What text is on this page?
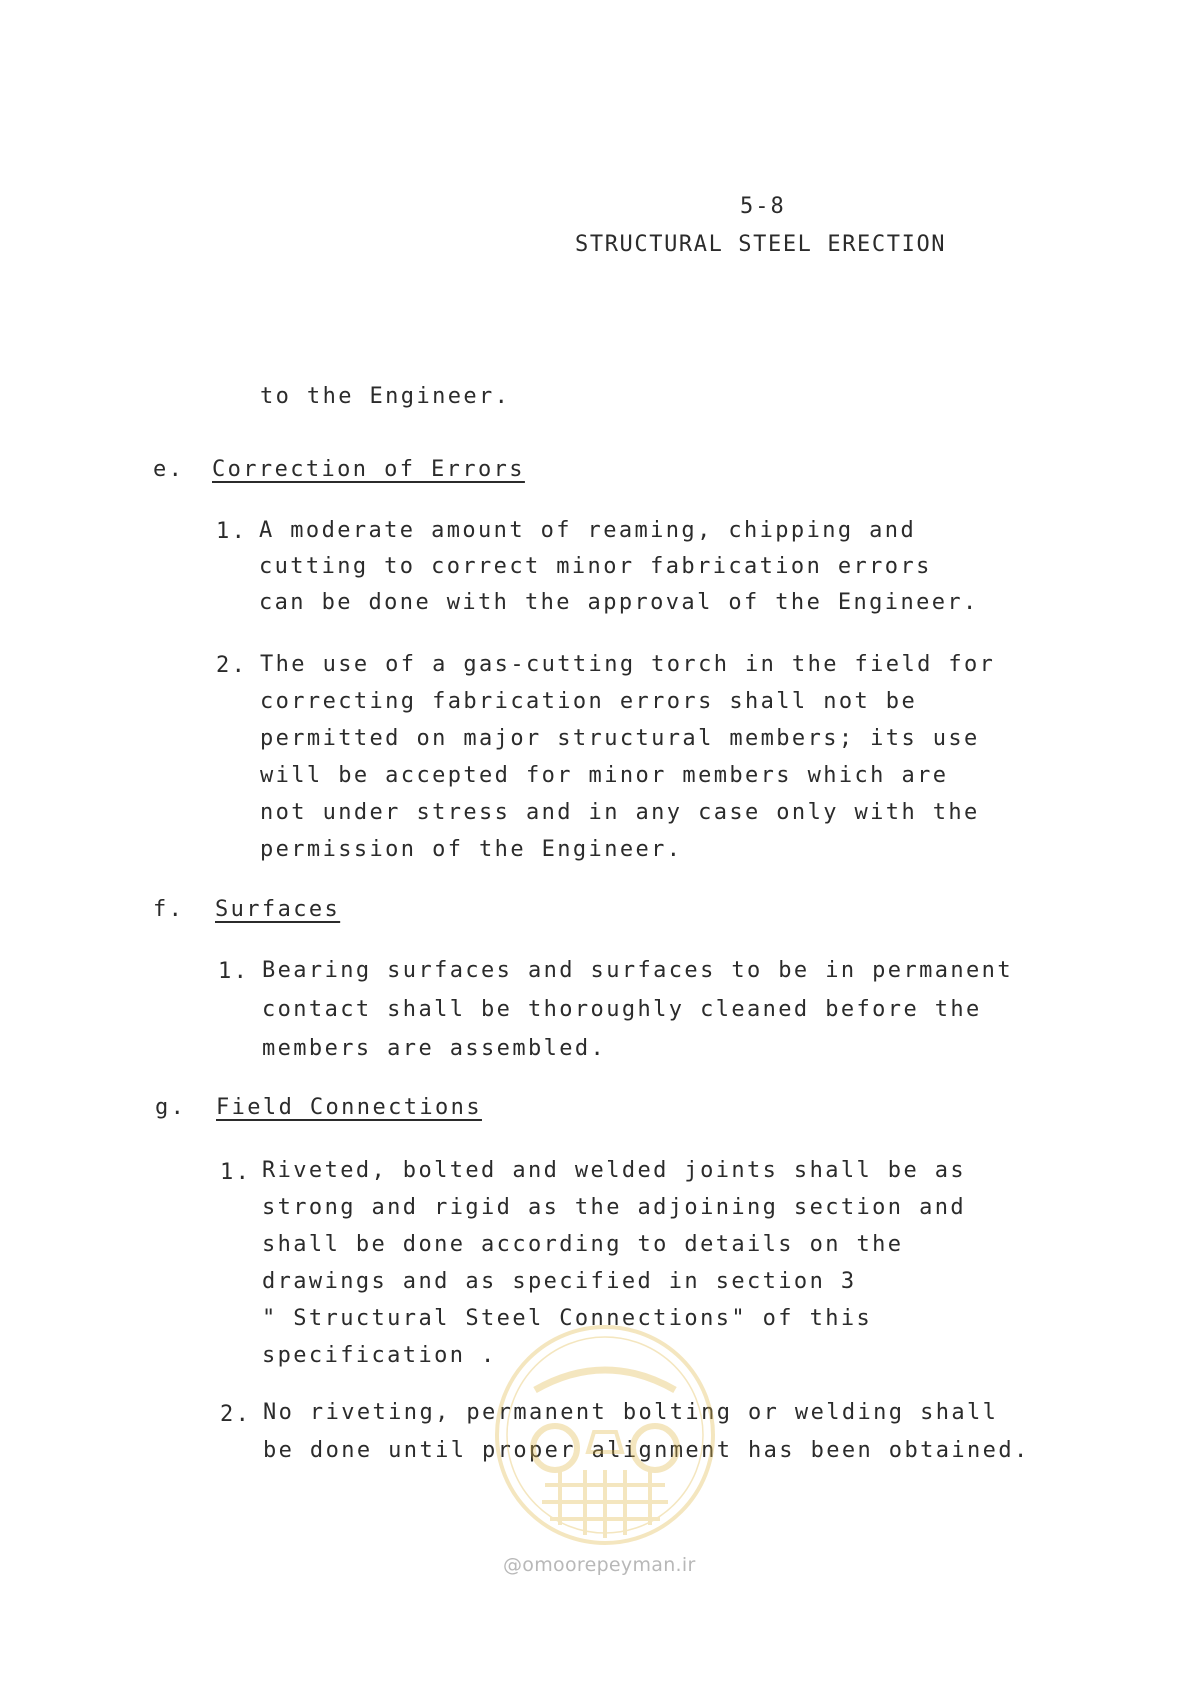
5-8
STRUCTURAL STEEL ERECTION
to the Engineer.
e. Correction of Errors
1. A moderate amount of reaming, chipping and
cutting to correct minor fabrication errors
can be done with the approval of the Engineer.
2. The use of a gas-cutting torch in the field for
correcting fabrication errors shall not be
permitted on major structural members; its use
will be accepted for minor members which are
not under stress and in any case only with the
permission of the Engineer.
f. Surfaces
1. Bearing surfaces and surfaces to be in permanent
contact shall be thoroughly cleaned before the
members are assembled.
g. Field Connections
1. Riveted, bolted and welded joints shall be as
strong and rigid as the adjoining section and
shall be done according to details on the
drawings and as specified in section 3
" Structural Steel Connections" of this
specification .
2. No riveting, permanent bolting or welding shall
be done until proper alignment has been obtained.
@omoorepeyman.ir
